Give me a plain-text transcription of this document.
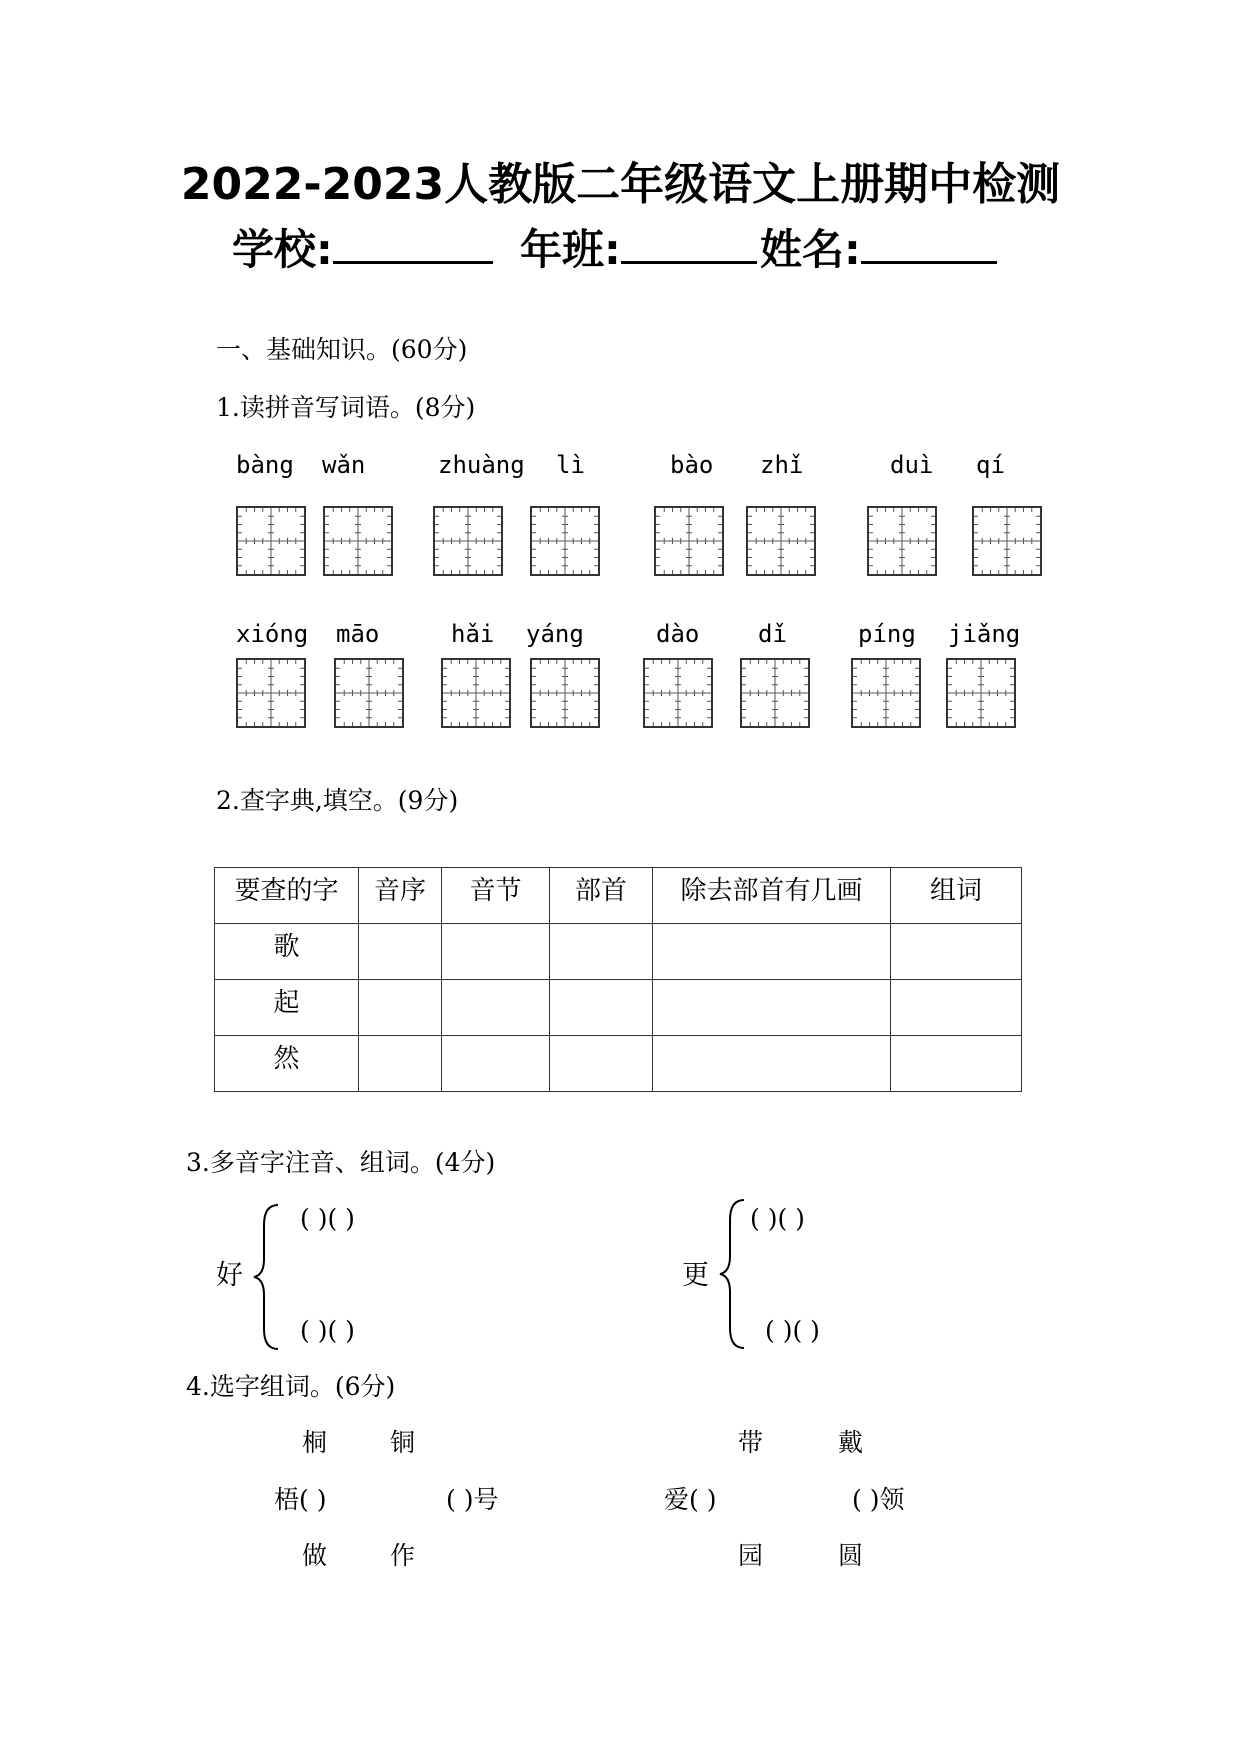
2022-2023人教版二年级语文上册期中检测
学校:	年班:	姓名:
一、基础知识。(60分)
1.读拼音写词语。(8分)
bàng wǎn	zhuàng lì	bào zhǐ	duì qí
xióng māo	hǎi yáng	dào dǐ	píng jiǎng
2.查字典,填空。(9分)
要查的字	音序	音节	部首	除去部首有几画	组词
歌					
起					
然					
3.多音字注音、组词。(4分)
好
( )( )
( )( )
更
( )( )
( )( )
4.选字组词。(6分)
桐	铜
梧( )	( )号
做	作
带	戴
爱( )	( )领
园	圆
